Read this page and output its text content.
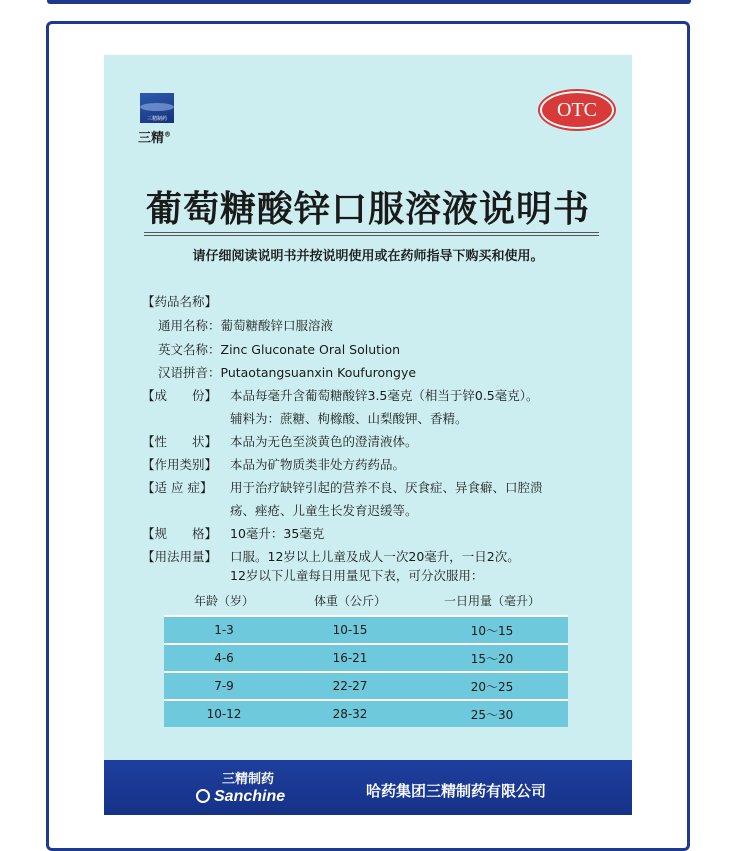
三精制药
三精®
OTC
葡萄糖酸锌口服溶液说明书
请仔细阅读说明书并按说明使用或在药师指导下购买和使用。
【药品名称】
通用名称：葡萄糖酸锌口服溶液
英文名称：Zinc Gluconate Oral Solution
汉语拼音：Putaotangsuanxin Koufurongye
【成　　份】 本品每毫升含葡萄糖酸锌3.5毫克（相当于锌0.5毫克）。
辅料为：蔗糖、枸橼酸、山梨酸钾、香精。
【性　　状】 本品为无色至淡黄色的澄清液体。
【作用类别】 本品为矿物质类非处方药药品。
【适 应 症】 用于治疗缺锌引起的营养不良、厌食症、异食癖、口腔溃
疡、痤疮、儿童生长发育迟缓等。
【规　　格】 10毫升：35毫克
【用法用量】 口服。12岁以上儿童及成人一次20毫升，一日2次。
12岁以下儿童每日用量见下表，可分次服用：
年龄（岁）	体重（公斤）	一日用量（毫升）
1-3	10-15	10～15
4-6	16-21	15～20
7-9	22-27	20～25
10-12	28-32	25～30
三精制药
Sanchine	哈药集团三精制药有限公司
